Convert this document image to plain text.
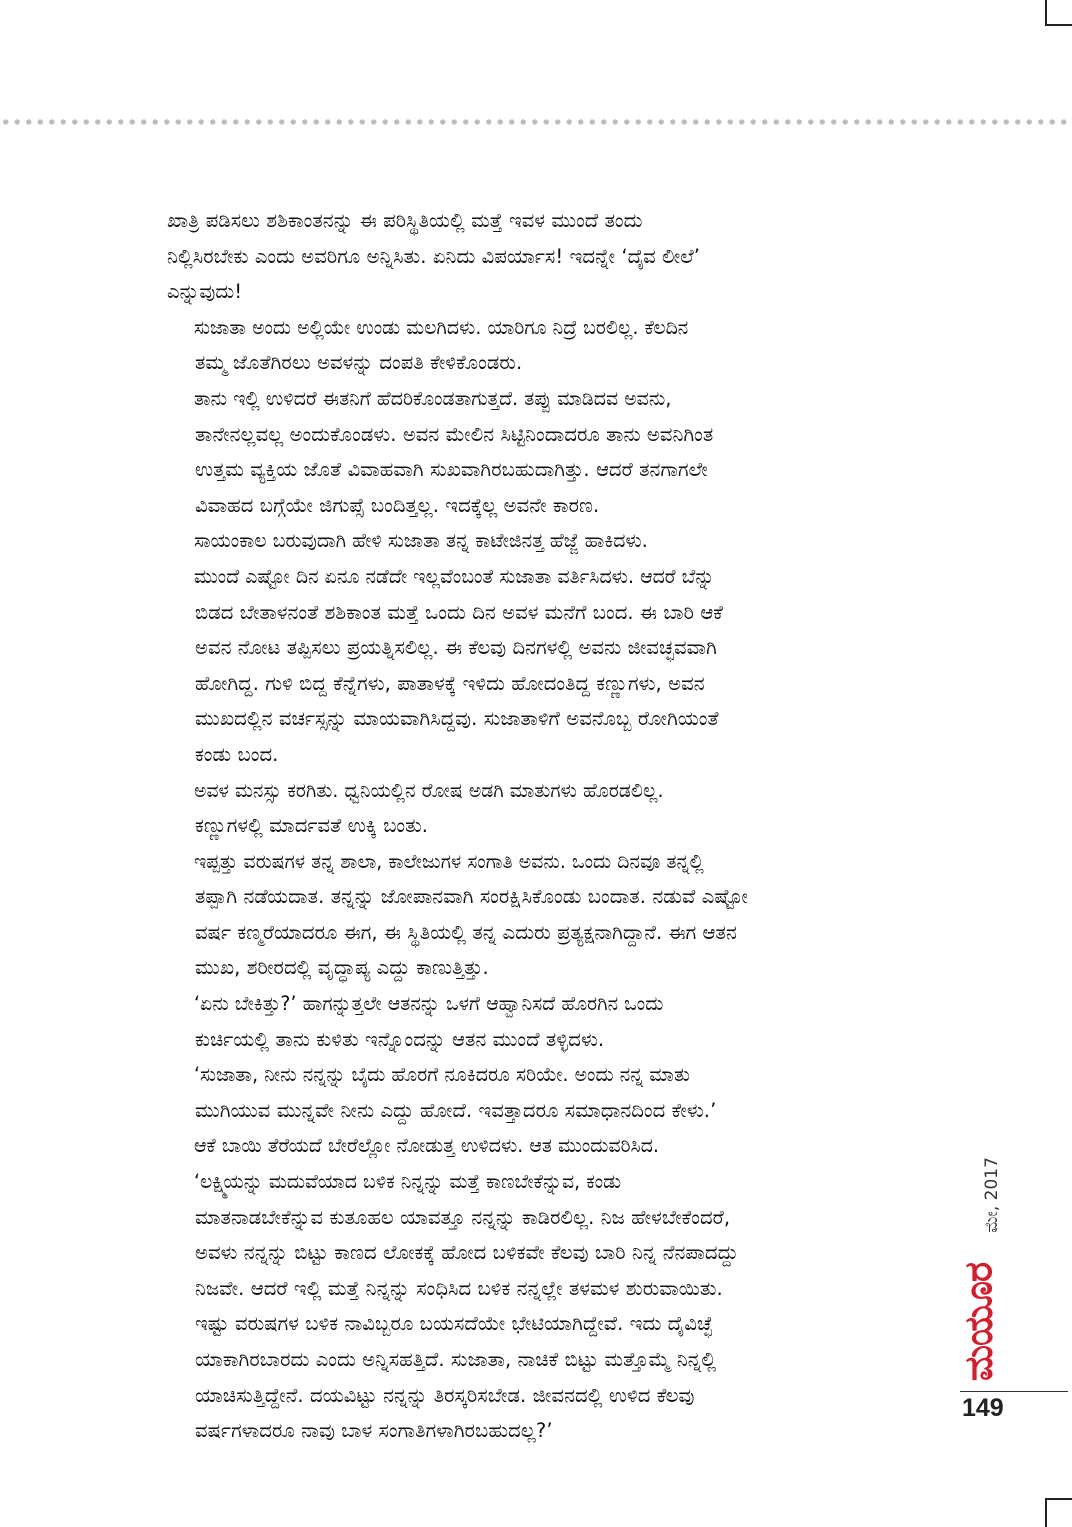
ಖಾತ್ರಿ ಪಡಿಸಲು ಶಶಿಕಾಂತನನ್ನು ಈ ಪರಿಸ್ಥಿತಿಯಲ್ಲಿ ಮತ್ತೆ ಇವಳ ಮುಂದೆ ತಂದು
ನಿಲ್ಲಿಸಿರಬೇಕು ಎಂದು ಅವರಿಗೂ ಅನ್ನಿಸಿತು. ಏನಿದು ವಿಪರ್ಯಾಸ! ಇದನ್ನೇ ‘ದೈವ ಲೀಲೆ’
ಎನ್ನುವುದು!

ಸುಜಾತಾ ಅಂದು ಅಲ್ಲಿಯೇ ಉಂಡು ಮಲಗಿದಳು. ಯಾರಿಗೂ ನಿದ್ರೆ ಬರಲಿಲ್ಲ. ಕೆಲದಿನ
ತಮ್ಮ ಜೊತೆಗಿರಲು ಅವಳನ್ನು ದಂಪತಿ ಕೇಳಿಕೊಂಡರು.

ತಾನು ಇಲ್ಲಿ ಉಳಿದರೆ ಈತನಿಗೆ ಹೆದರಿಕೊಂಡತಾಗುತ್ತದೆ. ತಪ್ಪು ಮಾಡಿದವ ಅವನು,
ತಾನೇನಲ್ಲವಲ್ಲ ಅಂದುಕೊಂಡಳು. ಅವನ ಮೇಲಿನ ಸಿಟ್ಟಿನಿಂದಾದರೂ ತಾನು ಅವನಿಗಿಂತ
ಉತ್ತಮ ವ್ಯಕ್ತಿಯ ಜೊತೆ ವಿವಾಹವಾಗಿ ಸುಖವಾಗಿರಬಹುದಾಗಿತ್ತು. ಆದರೆ ತನಗಾಗಲೇ
ವಿವಾಹದ ಬಗ್ಗೆಯೇ ಜಿಗುಪ್ಸೆ ಬಂದಿತ್ತಲ್ಲ. ಇದಕ್ಕೆಲ್ಲ ಅವನೇ ಕಾರಣ.

ಸಾಯಂಕಾಲ ಬರುವುದಾಗಿ ಹೇಳಿ ಸುಜಾತಾ ತನ್ನ ಕಾಟೇಜಿನತ್ತ ಹೆಜ್ಜೆ ಹಾಕಿದಳು.

ಮುಂದೆ ಎಷ್ಟೋ ದಿನ ಏನೂ ನಡೆದೇ ಇಲ್ಲವೆಂಬಂತೆ ಸುಜಾತಾ ವರ್ತಿಸಿದಳು. ಆದರೆ ಬೆನ್ನು
ಬಿಡದ ಬೇತಾಳನಂತೆ ಶಶಿಕಾಂತ ಮತ್ತೆ ಒಂದು ದಿನ ಅವಳ ಮನೆಗೆ ಬಂದ. ಈ ಬಾರಿ ಆಕೆ
ಅವನ ನೋಟ ತಪ್ಪಿಸಲು ಪ್ರಯತ್ನಿಸಲಿಲ್ಲ. ಈ ಕೆಲವು ದಿನಗಳಲ್ಲಿ ಅವನು ಜೀವಚ್ಛವವಾಗಿ
ಹೋಗಿದ್ದ. ಗುಳಿ ಬಿದ್ದ ಕೆನ್ನೆಗಳು, ಪಾತಾಳಕ್ಕೆ ಇಳಿದು ಹೋದಂತಿದ್ದ ಕಣ್ಣುಗಳು, ಅವನ
ಮುಖದಲ್ಲಿನ ವರ್ಚಸ್ಸನ್ನು ಮಾಯವಾಗಿಸಿದ್ದವು. ಸುಜಾತಾಳಿಗೆ ಅವನೊಬ್ಬ ರೋಗಿಯಂತೆ
ಕಂಡು ಬಂದ.

ಅವಳ ಮನಸ್ಸು ಕರಗಿತು. ಧ್ವನಿಯಲ್ಲಿನ ರೋಷ ಅಡಗಿ ಮಾತುಗಳು ಹೊರಡಲಿಲ್ಲ.
ಕಣ್ಣುಗಳಲ್ಲಿ ಮಾರ್ದವತೆ ಉಕ್ಕಿ ಬಂತು.

ಇಪ್ಪತ್ತು ವರುಷಗಳ ತನ್ನ ಶಾಲಾ, ಕಾಲೇಜುಗಳ ಸಂಗಾತಿ ಅವನು. ಒಂದು ದಿನವೂ ತನ್ನಲ್ಲಿ
ತಪ್ಪಾಗಿ ನಡೆಯದಾತ. ತನ್ನನ್ನು ಜೋಪಾನವಾಗಿ ಸಂರಕ್ಷಿಸಿಕೊಂಡು ಬಂದಾತ. ನಡುವೆ ಎಷ್ಟೋ
ವರ್ಷ ಕಣ್ಮರೆಯಾದರೂ ಈಗ, ಈ ಸ್ಥಿತಿಯಲ್ಲಿ ತನ್ನ ಎದುರು ಪ್ರತ್ಯಕ್ಷನಾಗಿದ್ದಾನೆ. ಈಗ ಆತನ
ಮುಖ, ಶರೀರದಲ್ಲಿ ವೃದ್ಧಾಪ್ಯ ಎದ್ದು ಕಾಣುತ್ತಿತ್ತು.

‘ಏನು ಬೇಕಿತ್ತು?’ ಹಾಗನ್ನುತ್ತಲೇ ಆತನನ್ನು ಒಳಗೆ ಆಹ್ವಾನಿಸದೆ ಹೊರಗಿನ ಒಂದು
ಕುರ್ಚಿಯಲ್ಲಿ ತಾನು ಕುಳಿತು ಇನ್ನೊಂದನ್ನು ಆತನ ಮುಂದೆ ತಳ್ಳಿದಳು.

‘ಸುಜಾತಾ, ನೀನು ನನ್ನನ್ನು ಬೈದು ಹೊರಗೆ ನೂಕಿದರೂ ಸರಿಯೇ. ಅಂದು ನನ್ನ ಮಾತು
ಮುಗಿಯುವ ಮುನ್ನವೇ ನೀನು ಎದ್ದು ಹೋದೆ. ಇವತ್ತಾದರೂ ಸಮಾಧಾನದಿಂದ ಕೇಳು.’

ಆಕೆ ಬಾಯಿ ತೆರೆಯದೆ ಬೇರೆಲ್ಲೋ ನೋಡುತ್ತ ಉಳಿದಳು. ಆತ ಮುಂದುವರಿಸಿದ.

‘ಲಕ್ಷ್ಮಿಯನ್ನು ಮದುವೆಯಾದ ಬಳಿಕ ನಿನ್ನನ್ನು ಮತ್ತೆ ಕಾಣಬೇಕೆನ್ನುವ, ಕಂಡು
ಮಾತನಾಡಬೇಕೆನ್ನುವ ಕುತೂಹಲ ಯಾವತ್ತೂ ನನ್ನನ್ನು ಕಾಡಿರಲಿಲ್ಲ. ನಿಜ ಹೇಳಬೇಕೆಂದರೆ,
ಅವಳು ನನ್ನನ್ನು ಬಿಟ್ಟು ಕಾಣದ ಲೋಕಕ್ಕೆ ಹೋದ ಬಳಿಕವೇ ಕೆಲವು ಬಾರಿ ನಿನ್ನ ನೆನಪಾದದ್ದು
ನಿಜವೇ. ಆದರೆ ಇಲ್ಲಿ ಮತ್ತೆ ನಿನ್ನನ್ನು ಸಂಧಿಸಿದ ಬಳಿಕ ನನ್ನಲ್ಲೇ ತಳಮಳ ಶುರುವಾಯಿತು.
ಇಷ್ಟು ವರುಷಗಳ ಬಳಿಕ ನಾವಿಬ್ಬರೂ ಬಯಸದೆಯೇ ಭೇಟಿಯಾಗಿದ್ದೇವೆ. ಇದು ದೈವಿಚ್ಛೆ
ಯಾಕಾಗಿರಬಾರದು ಎಂದು ಅನ್ನಿಸಹತ್ತಿದೆ. ಸುಜಾತಾ, ನಾಚಿಕೆ ಬಿಟ್ಟು ಮತ್ತೊಮ್ಮೆ ನಿನ್ನಲ್ಲಿ
ಯಾಚಿಸುತ್ತಿದ್ದೇನೆ. ದಯವಿಟ್ಟು ನನ್ನನ್ನು ತಿರಸ್ಕರಿಸಬೇಡ. ಜೀವನದಲ್ಲಿ ಉಳಿದ ಕೆಲವು
ವರ್ಷಗಳಾದರೂ ನಾವು ಬಾಳ ಸಂಗಾತಿಗಳಾಗಿರಬಹುದಲ್ಲ?’

ಮೇ, 2017
ಮಯೂರ
149
